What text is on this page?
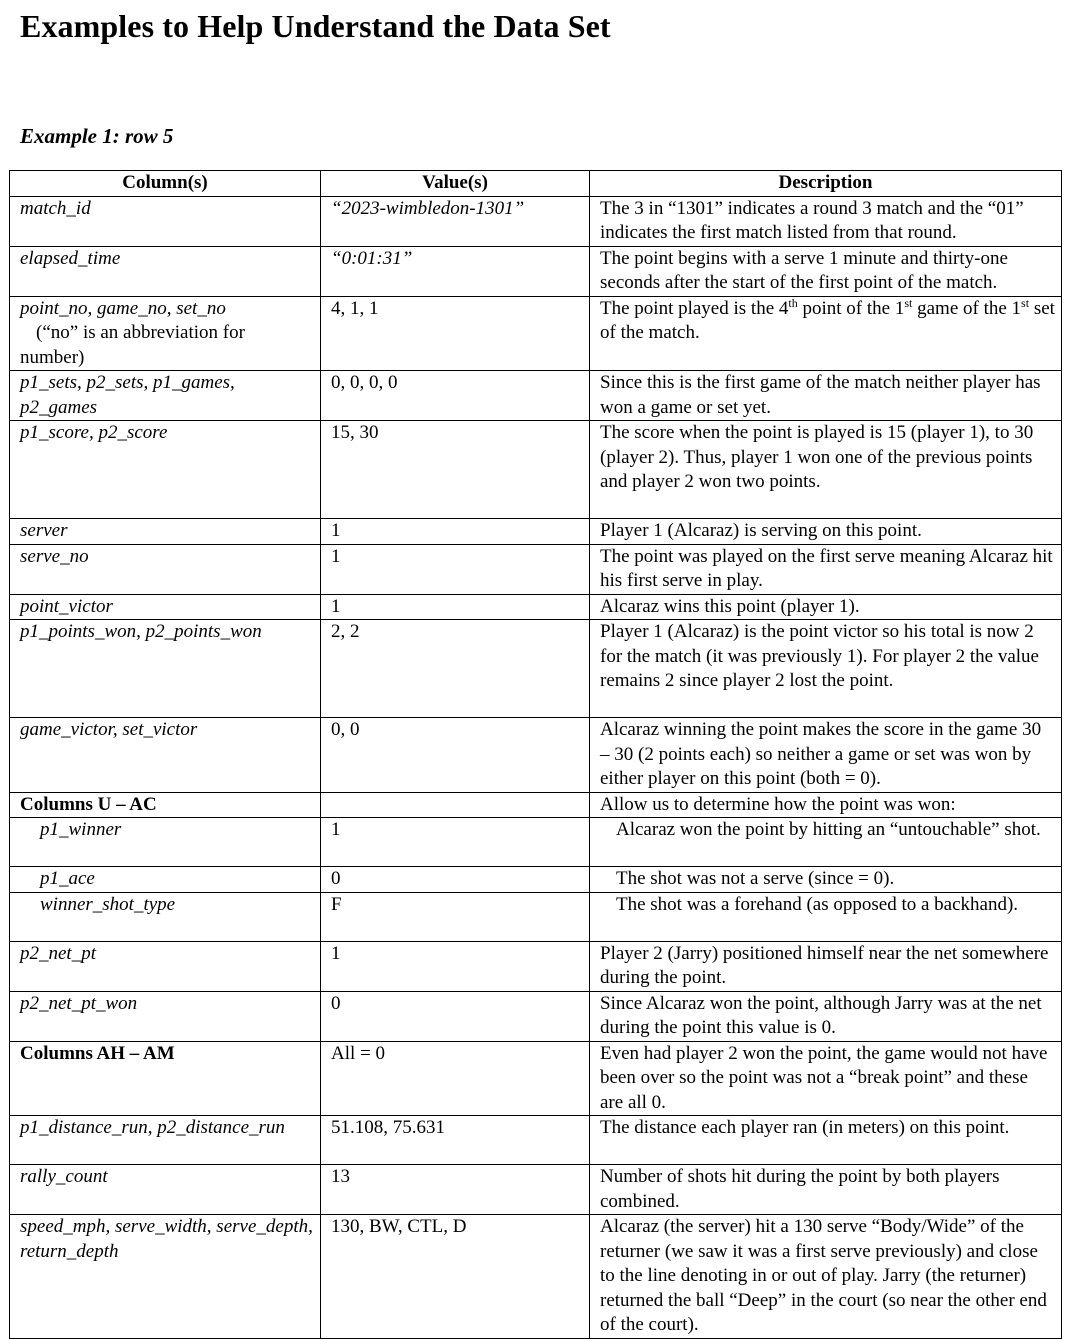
Examples to Help Understand the Data Set
Example 1: row 5
Column(s)	Value(s)	Description
match_id	“2023-wimbledon-1301”	The 3 in “1301” indicates a round 3 match and the “01” indicates the first match listed from that round.
elapsed_time	“0:01:31”	The point begins with a serve 1 minute and thirty-one seconds after the start of the first point of the match.

point_no, game_no, set_no
(“no” is an abbreviation for number)	4, 1, 1	The point played is the 4th point of the 1st game of the 1st set of the match.
p1_sets, p2_sets, p1_games, p2_games	0, 0, 0, 0	Since this is the first game of the match neither player has won a game or set yet.
p1_score, p2_score	15, 30	The score when the point is played is 15 (player 1), to 30 (player 2). Thus, player 1 won one of the previous points and player 2 won two points.
server	1	Player 1 (Alcaraz) is serving on this point.
serve_no	1	The point was played on the first serve meaning Alcaraz hit his first serve in play.
point_victor	1	Alcaraz wins this point (player 1).
p1_points_won, p2_points_won	2, 2	Player 1 (Alcaraz) is the point victor so his total is now 2 for the match (it was previously 1). For player 2 the value remains 2 since player 2 lost the point.
game_victor, set_victor	0, 0	Alcaraz winning the point makes the score in the game 30 – 30 (2 points each) so neither a game or set was won by either player on this point (both = 0).
Columns U – AC		Allow us to determine how the point was won:
p1_winner	1	Alcaraz won the point by hitting an “untouchable” shot.
p1_ace	0	The shot was not a serve (since = 0).
winner_shot_type	F	The shot was a forehand (as opposed to a backhand).
p2_net_pt	1	Player 2 (Jarry) positioned himself near the net somewhere during the point.
p2_net_pt_won	0	Since Alcaraz won the point, although Jarry was at the net during the point this value is 0.
Columns AH – AM	All = 0	Even had player 2 won the point, the game would not have been over so the point was not a “break point” and these are all 0.
p1_distance_run, p2_distance_run	51.108, 75.631	The distance each player ran (in meters) on this point.
rally_count	13	Number of shots hit during the point by both players combined.
speed_mph, serve_width, serve_depth, return_depth	130, BW, CTL, D	Alcaraz (the server) hit a 130 serve “Body/Wide” of the returner (we saw it was a first serve previously) and close to the line denoting in or out of play. Jarry (the returner) returned the ball “Deep” in the court (so near the other end of the court).
